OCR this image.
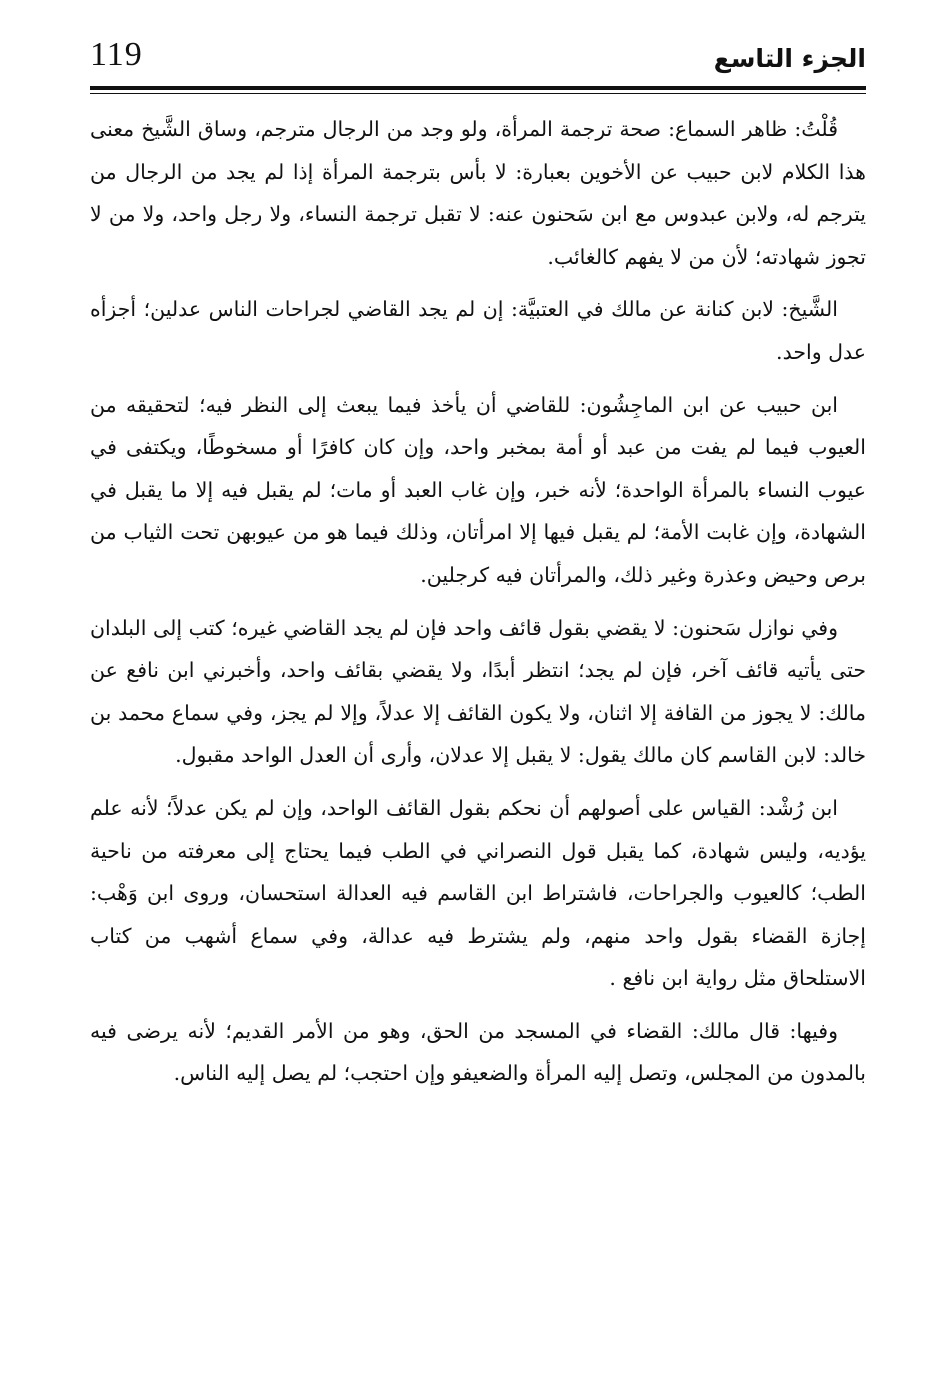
119	الجزء التاسع

قُلْتُ: ظاهر السماع: صحة ترجمة المرأة، ولو وجد من الرجال مترجم، وساق الشَّيخ معنى هذا الكلام لابن حبيب عن الأخوين بعبارة: لا بأس بترجمة المرأة إذا لم يجد من الرجال من يترجم له، ولابن عبدوس مع ابن سَحنون عنه: لا تقبل ترجمة النساء، ولا رجل واحد، ولا من لا تجوز شهادته؛ لأن من لا يفهم كالغائب.

الشَّيخ: لابن كنانة عن مالك في العتبيَّة: إن لم يجد القاضي لجراحات الناس عدلين؛ أجزأه عدل واحد.

ابن حبيب عن ابن الماجِشُون: للقاضي أن يأخذ فيما يبعث إلى النظر فيه؛ لتحقيقه من العيوب فيما لم يفت من عبد أو أمة بمخبر واحد، وإن كان كافرًا أو مسخوطًا، ويكتفى في عيوب النساء بالمرأة الواحدة؛ لأنه خبر، وإن غاب العبد أو مات؛ لم يقبل فيه إلا ما يقبل في الشهادة، وإن غابت الأمة؛ لم يقبل فيها إلا امرأتان، وذلك فيما هو من عيوبهن تحت الثياب من برص وحيض وعذرة وغير ذلك، والمرأتان فيه كرجلين.

وفي نوازل سَحنون: لا يقضي بقول قائف واحد فإن لم يجد القاضي غيره؛ كتب إلى البلدان حتى يأتيه قائف آخر، فإن لم يجد؛ انتظر أبدًا، ولا يقضي بقائف واحد، وأخبرني ابن نافع عن مالك: لا يجوز من القافة إلا اثنان، ولا يكون القائف إلا عدلاً، وإلا لم يجز، وفي سماع محمد بن خالد: لابن القاسم كان مالك يقول: لا يقبل إلا عدلان، وأرى أن العدل الواحد مقبول.

ابن رُشْد: القياس على أصولهم أن نحكم بقول القائف الواحد، وإن لم يكن عدلاً؛ لأنه علم يؤديه، وليس شهادة، كما يقبل قول النصراني في الطب فيما يحتاج إلى معرفته من ناحية الطب؛ كالعيوب والجراحات، فاشتراط ابن القاسم فيه العدالة استحسان، وروى ابن وَهْب: إجازة القضاء بقول واحد منهم، ولم يشترط فيه عدالة، وفي سماع أشهب من كتاب الاستلحاق مثل رواية ابن نافع .

وفيها: قال مالك: القضاء في المسجد من الحق، وهو من الأمر القديم؛ لأنه يرضى فيه بالمدون من المجلس، وتصل إليه المرأة والضعيفو وإن احتجب؛ لم يصل إليه الناس.
